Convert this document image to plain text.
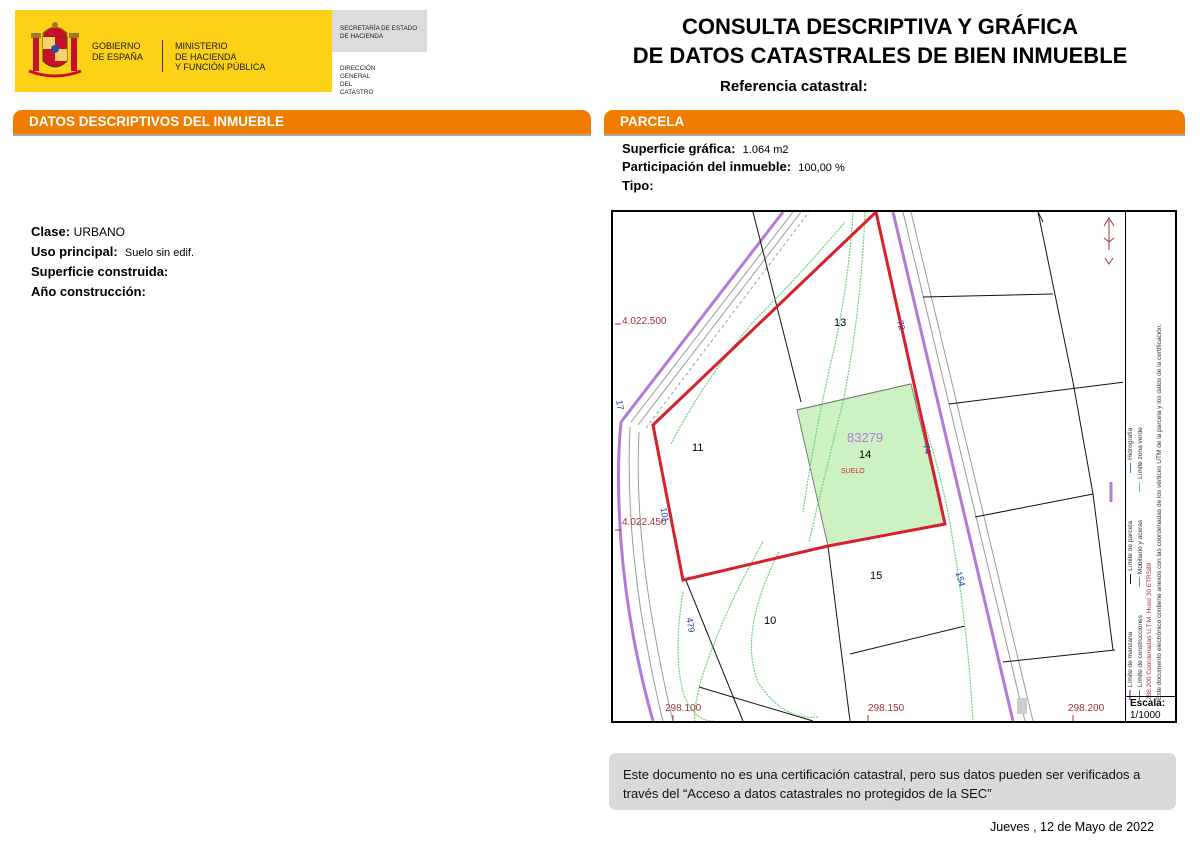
GOBIERNO
DE ESPAÑA
MINISTERIO
DE HACIENDA
Y FUNCIÓN PÚBLICA	DIRECCIÓN GENERAL
DEL CATASTRO
SECRETARÍA DE ESTADO
DE HACIENDA	CONSULTA DESCRIPTIVA Y GRÁFICA
DE DATOS CATASTRALES DE BIEN INMUEBLE
Referencia catastral:
DATOS DESCRIPTIVOS DEL INMUEBLE
Clase: URBANO
Uso principal: Suelo sin edif.
Superficie construida:
Año construcción:
PARCELA
Superficie gráfica: 1.064 m2
Participación del inmueble: 100,00 %
Tipo:
4.022.500
4.022.450
298.100	298.150	298.200
83279
14
SUELO
11
13
15
10
154
479
101
72
74
17
Límite de manzanaLímite de parcelaHidrografía
Límite de construccionesMobiliario y acerasLímite zona verde
298.200 Coordenadas U.T.M. Huso 30 ETRS89 Este documento electrónico contiene anexos con las coordenadas de los vértices UTM de la parcela y los datos de la certificación.
Escala:
1/1000
Este documento no es una certificación catastral, pero sus datos pueden ser verificados a través del “Acceso a datos catastrales no protegidos de la SEC”
Jueves , 12 de Mayo de 2022
